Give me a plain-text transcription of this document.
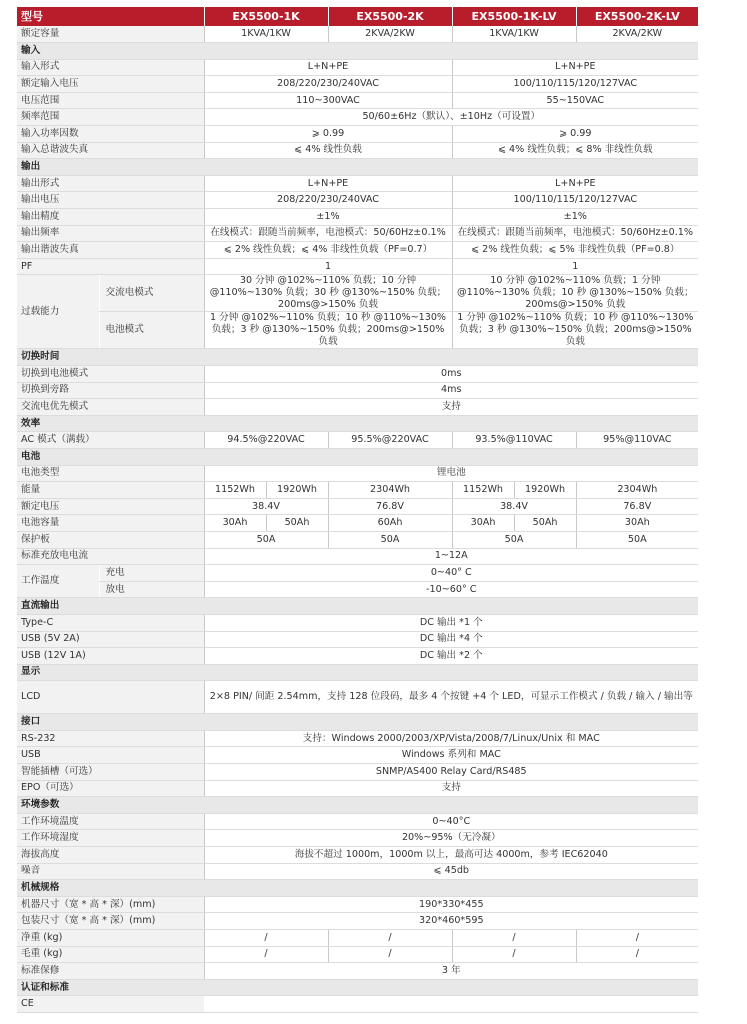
型号		EX5500-1K		EX5500-2K	EX5500-1K-LV		EX5500-2K-LV
额定容量		1KVA/1KW		2KVA/2KW	1KVA/1KW		2KVA/2KW
输入							
输入形式		L+N+PE			L+N+PE		
额定输入电压		208/220/230/240VAC			100/110/115/120/127VAC		
电压范围		110~300VAC			55~150VAC		
频率范围		50/60±6Hz（默认）、±10Hz（可设置）					
输入功率因数		⩾ 0.99			⩾ 0.99		
输入总谐波失真		⩽ 4% 线性负载			⩽ 4% 线性负载；⩽ 8% 非线性负载		
输出							
输出形式		L+N+PE			L+N+PE		
输出电压		208/220/230/240VAC			100/110/115/120/127VAC		
输出精度		±1%			±1%		
输出频率		在线模式：跟随当前频率，电池模式：50/60Hz±0.1%			在线模式：跟随当前频率，电池模式：50/60Hz±0.1%		
输出谐波失真		⩽ 2% 线性负载；⩽ 4% 非线性负载（PF=0.7）			⩽ 2% 线性负载；⩽ 5% 非线性负载（PF=0.8）		
PF		1			1		
过载能力	交流电模式	30 分钟 @102%~110% 负载；10 分钟 @110%~130% 负载；30 秒 @130%~150% 负载；200ms@>150% 负载			10 分钟 @102%~110% 负载；1 分钟 @110%~130% 负载；10 秒 @130%~150% 负载；200ms@>150% 负载		
	电池模式	1 分钟 @102%~110% 负载；10 秒 @110%~130% 负载；3 秒 @130%~150% 负载；200ms@>150% 负载			1 分钟 @102%~110% 负载；10 秒 @110%~130% 负载；3 秒 @130%~150% 负载；200ms@>150% 负载		
切换时间							
切换到电池模式		0ms					
切换到旁路		4ms					
交流电优先模式		支持					
效率							
AC 模式（满载）		94.5%@220VAC		95.5%@220VAC	93.5%@110VAC		95%@110VAC
电池							
电池类型		锂电池					
能量		1152Wh	1920Wh	2304Wh	1152Wh	1920Wh	2304Wh
额定电压		38.4V		76.8V	38.4V		76.8V
电池容量		30Ah	50Ah	60Ah	30Ah	50Ah	30Ah
保护板		50A		50A	50A		50A
标准充放电电流		1~12A					
工作温度	充电	0~40° C					
	放电	-10~60° C					
直流输出							
Type-C		DC 输出 *1 个					
USB (5V 2A)		DC 输出 *4 个					
USB (12V 1A)		DC 输出 *2 个					
显示							
LCD		2×8 PIN/ 间距 2.54mm，支持 128 位段码，最多 4 个按键 +4 个 LED，可显示工作模式 / 负载 / 输入 / 输出等					
接口							
RS-232		支持：Windows 2000/2003/XP/Vista/2008/7/Linux/Unix 和 MAC					
USB		Windows 系列和 MAC					
智能插槽（可选）		SNMP/AS400 Relay Card/RS485					
EPO（可选）		支持					
环境参数							
工作环境温度		0~40°C					
工作环境湿度		20%~95%（无冷凝）					
海拔高度		海拔不超过 1000m，1000m 以上，最高可达 4000m，参考 IEC62040					
噪音		⩽ 45db					
机械规格							
机器尺寸（宽 * 高 * 深）(mm)		190*330*455					
包装尺寸（宽 * 高 * 深）(mm)		320*460*595					
净重 (kg)		/		/	/		/
毛重 (kg)		/		/	/		/
标准保修		3 年					
认证和标准							
CE							
